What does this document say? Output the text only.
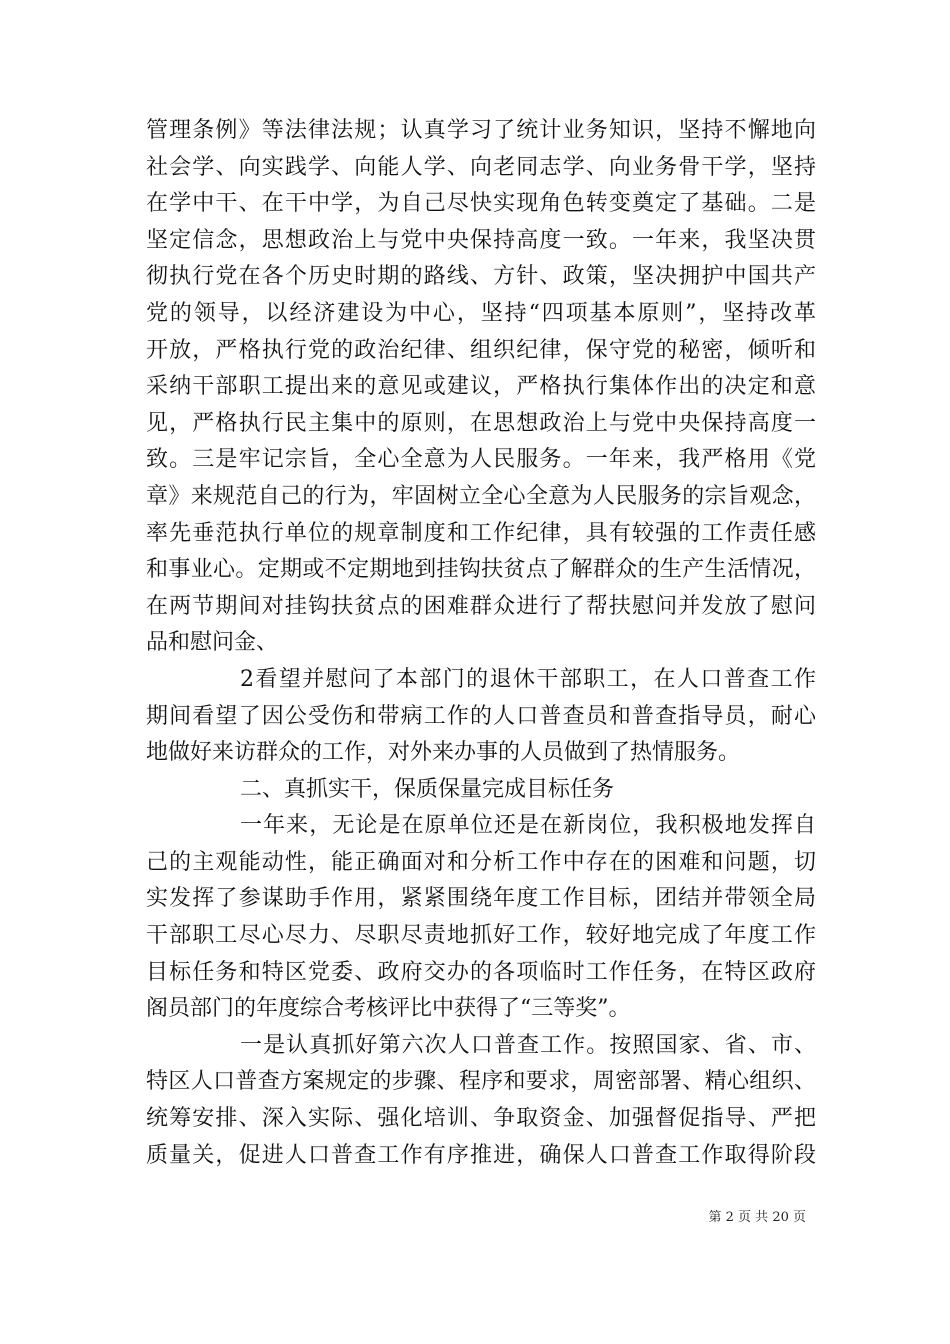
管理条例》等法律法规；认真学习了统计业务知识，坚持不懈地向
社会学、向实践学、向能人学、向老同志学、向业务骨干学，坚持
在学中干、在干中学，为自己尽快实现角色转变奠定了基础。二是
坚定信念，思想政治上与党中央保持高度一致。一年来，我坚决贯
彻执行党在各个历史时期的路线、方针、政策，坚决拥护中国共产
党的领导，以经济建设为中心，坚持“四项基本原则”，坚持改革
开放，严格执行党的政治纪律、组织纪律，保守党的秘密，倾听和
采纳干部职工提出来的意见或建议，严格执行集体作出的决定和意
见，严格执行民主集中的原则，在思想政治上与党中央保持高度一
致。三是牢记宗旨，全心全意为人民服务。一年来，我严格用《党
章》来规范自己的行为，牢固树立全心全意为人民服务的宗旨观念，
率先垂范执行单位的规章制度和工作纪律，具有较强的工作责任感
和事业心。定期或不定期地到挂钩扶贫点了解群众的生产生活情况，
在两节期间对挂钩扶贫点的困难群众进行了帮扶慰问并发放了慰问
品和慰问金、
2看望并慰问了本部门的退休干部职工，在人口普查工作
期间看望了因公受伤和带病工作的人口普查员和普查指导员，耐心
地做好来访群众的工作，对外来办事的人员做到了热情服务。
二、真抓实干，保质保量完成目标任务
一年来，无论是在原单位还是在新岗位，我积极地发挥自
己的主观能动性，能正确面对和分析工作中存在的困难和问题，切
实发挥了参谋助手作用，紧紧围绕年度工作目标，团结并带领全局
干部职工尽心尽力、尽职尽责地抓好工作，较好地完成了年度工作
目标任务和特区党委、政府交办的各项临时工作任务，在特区政府
阁员部门的年度综合考核评比中获得了“三等奖”。
一是认真抓好第六次人口普查工作。按照国家、省、市、
特区人口普查方案规定的步骤、程序和要求，周密部署、精心组织、
统筹安排、深入实际、强化培训、争取资金、加强督促指导、严把
质量关，促进人口普查工作有序推进，确保人口普查工作取得阶段
第 2 页 共 20 页
